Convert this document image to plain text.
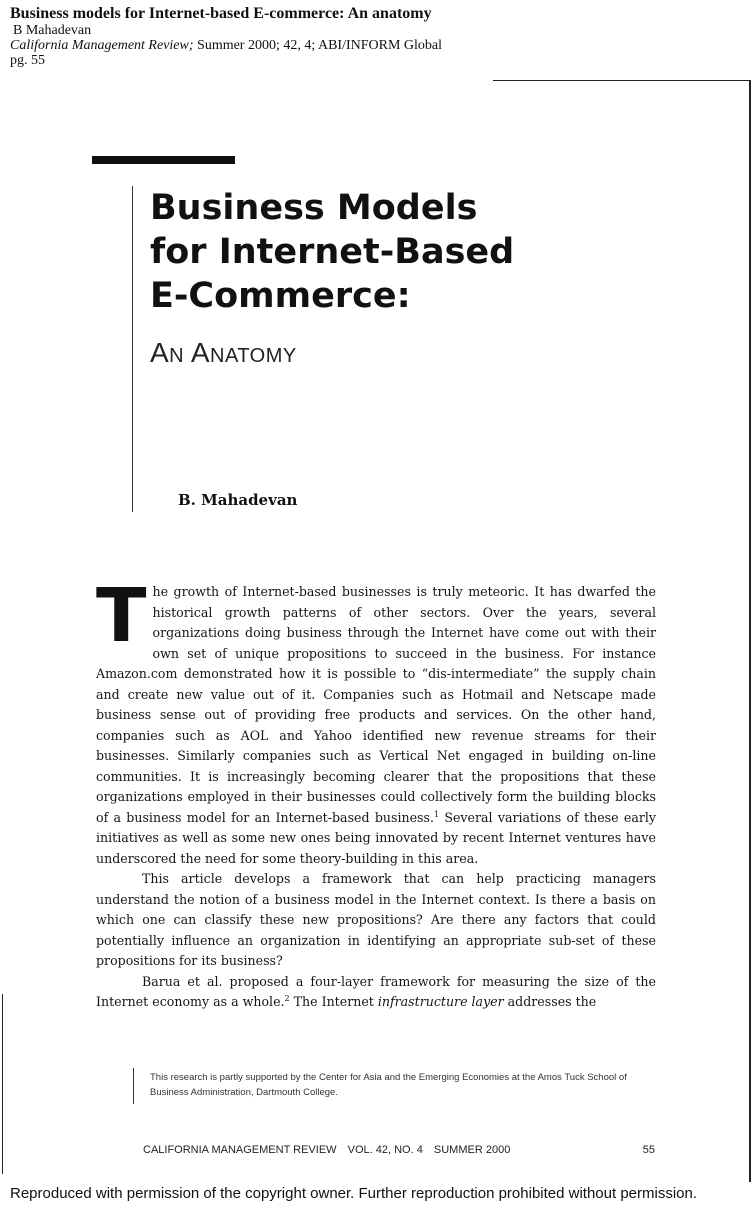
Business models for Internet-based E-commerce: An anatomy
B Mahadevan
California Management Review; Summer 2000; 42, 4; ABI/INFORM Global
pg. 55
Business Models
for Internet-Based
E-Commerce:
An Anatomy
B. Mahadevan

The growth of Internet-based businesses is truly meteoric. It has dwarfed the historical growth patterns of other sectors. Over the years, several organizations doing business through the Internet have come out with their own set of unique propositions to succeed in the business. For instance Amazon.com demonstrated how it is possible to “dis-intermediate” the supply chain and create new value out of it. Companies such as Hotmail and Netscape made business sense out of providing free products and services. On the other hand, companies such as AOL and Yahoo identified new revenue streams for their businesses. Similarly companies such as Vertical Net engaged in building on-line communities. It is increasingly becoming clearer that the propositions that these organizations employed in their businesses could collectively form the building blocks of a business model for an Internet-based business.$^1$ Several variations of these early initiatives as well as some new ones being innovated by recent Internet ventures have underscored the need for some theory-building in this area.

This article develops a framework that can help practicing managers understand the notion of a business model in the Internet context. Is there a basis on which one can classify these new propositions? Are there any factors that could potentially influence an organization in identifying an appropriate sub-set of these propositions for its business?

Barua et al. proposed a four-layer framework for measuring the size of the Internet economy as a whole.$^2$ The Internet infrastructure layer addresses the

This research is partly supported by the Center for Asia and the Emerging Economies at the Amos Tuck School of Business Administration, Dartmouth College.
CALIFORNIA MANAGEMENT REVIEW VOL. 42, NO. 4 SUMMER 2000	55
Reproduced with permission of the copyright owner. Further reproduction prohibited without permission.
